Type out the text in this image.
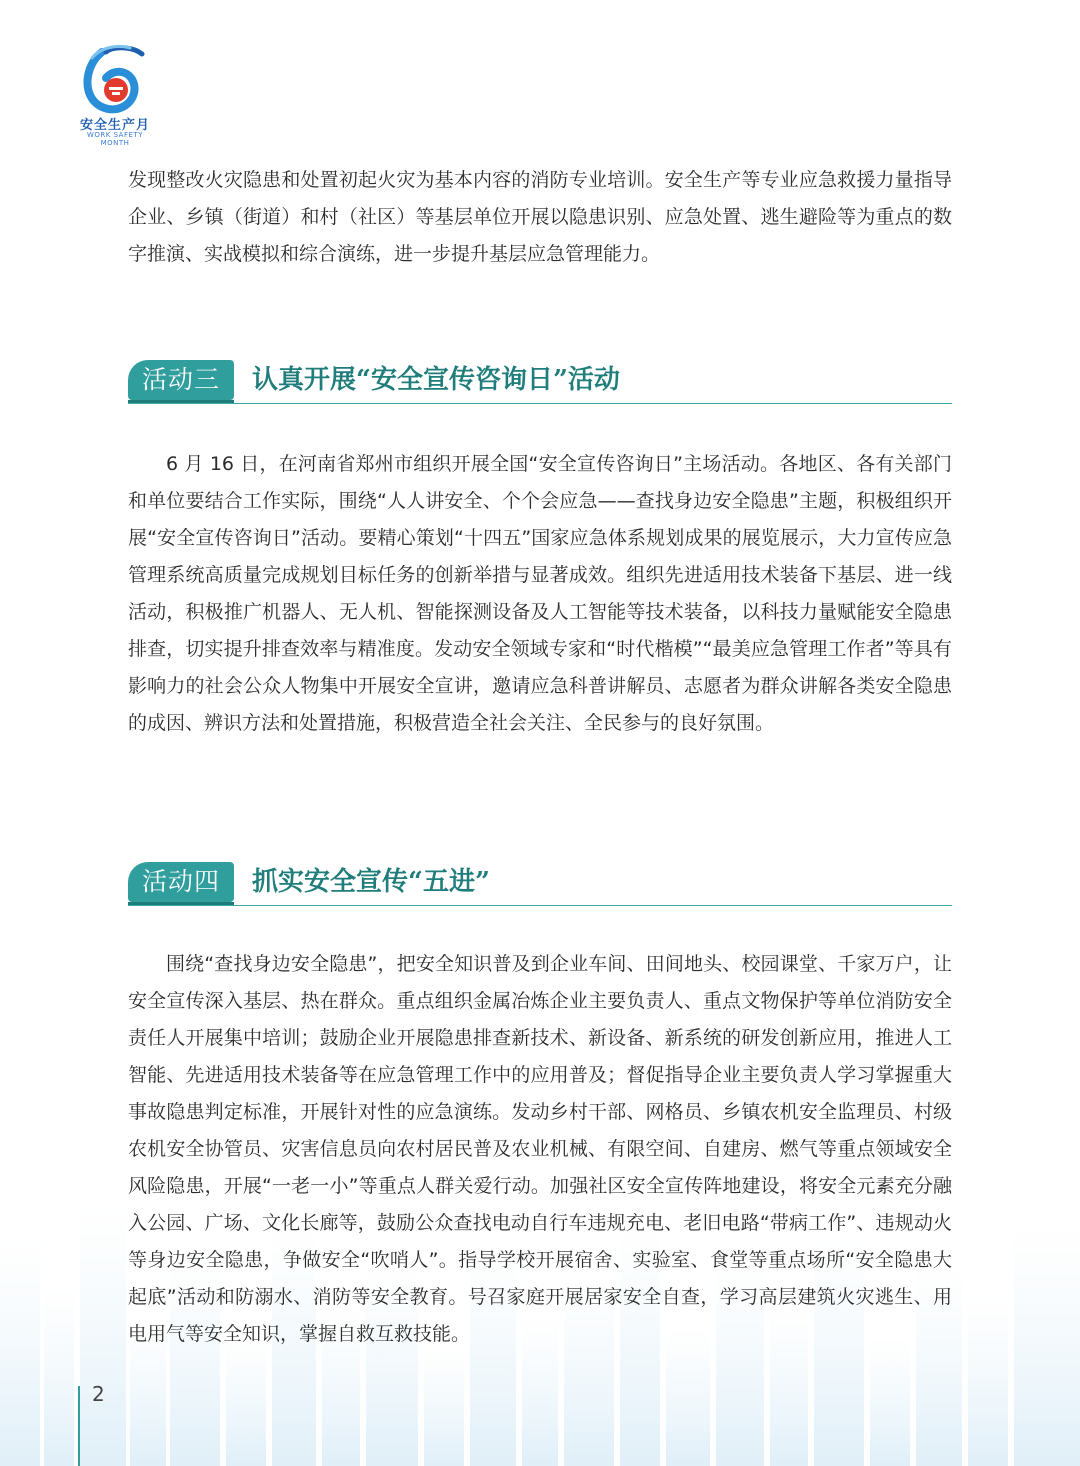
安全生产月
WORK SAFETY MONTH

发现整改火灾隐患和处置初起火灾为基本内容的消防专业培训。安全生产等专业应急救援力量指导企业、乡镇（街道）和村（社区）等基层单位开展以隐患识别、应急处置、逃生避险等为重点的数字推演、实战模拟和综合演练，进一步提升基层应急管理能力。

活动三	认真开展“安全宣传咨询日”活动

6 月 16 日，在河南省郑州市组织开展全国“安全宣传咨询日”主场活动。各地区、各有关部门和单位要结合工作实际，围绕“人人讲安全、个个会应急——查找身边安全隐患”主题，积极组织开展“安全宣传咨询日”活动。要精心策划“十四五”国家应急体系规划成果的展览展示，大力宣传应急管理系统高质量完成规划目标任务的创新举措与显著成效。组织先进适用技术装备下基层、进一线活动，积极推广机器人、无人机、智能探测设备及人工智能等技术装备，以科技力量赋能安全隐患排查，切实提升排查效率与精准度。发动安全领域专家和“时代楷模”“最美应急管理工作者”等具有影响力的社会公众人物集中开展安全宣讲，邀请应急科普讲解员、志愿者为群众讲解各类安全隐患的成因、辨识方法和处置措施，积极营造全社会关注、全民参与的良好氛围。

活动四	抓实安全宣传“五进”

围绕“查找身边安全隐患”，把安全知识普及到企业车间、田间地头、校园课堂、千家万户，让安全宣传深入基层、热在群众。重点组织金属冶炼企业主要负责人、重点文物保护等单位消防安全责任人开展集中培训；鼓励企业开展隐患排查新技术、新设备、新系统的研发创新应用，推进人工智能、先进适用技术装备等在应急管理工作中的应用普及；督促指导企业主要负责人学习掌握重大事故隐患判定标准，开展针对性的应急演练。发动乡村干部、网格员、乡镇农机安全监理员、村级农机安全协管员、灾害信息员向农村居民普及农业机械、有限空间、自建房、燃气等重点领域安全风险隐患，开展“一老一小”等重点人群关爱行动。加强社区安全宣传阵地建设，将安全元素充分融入公园、广场、文化长廊等，鼓励公众查找电动自行车违规充电、老旧电路“带病工作”、违规动火等身边安全隐患，争做安全“吹哨人”。指导学校开展宿舍、实验室、食堂等重点场所“安全隐患大起底”活动和防溺水、消防等安全教育。号召家庭开展居家安全自查，学习高层建筑火灾逃生、用电用气等安全知识，掌握自救互救技能。

2
